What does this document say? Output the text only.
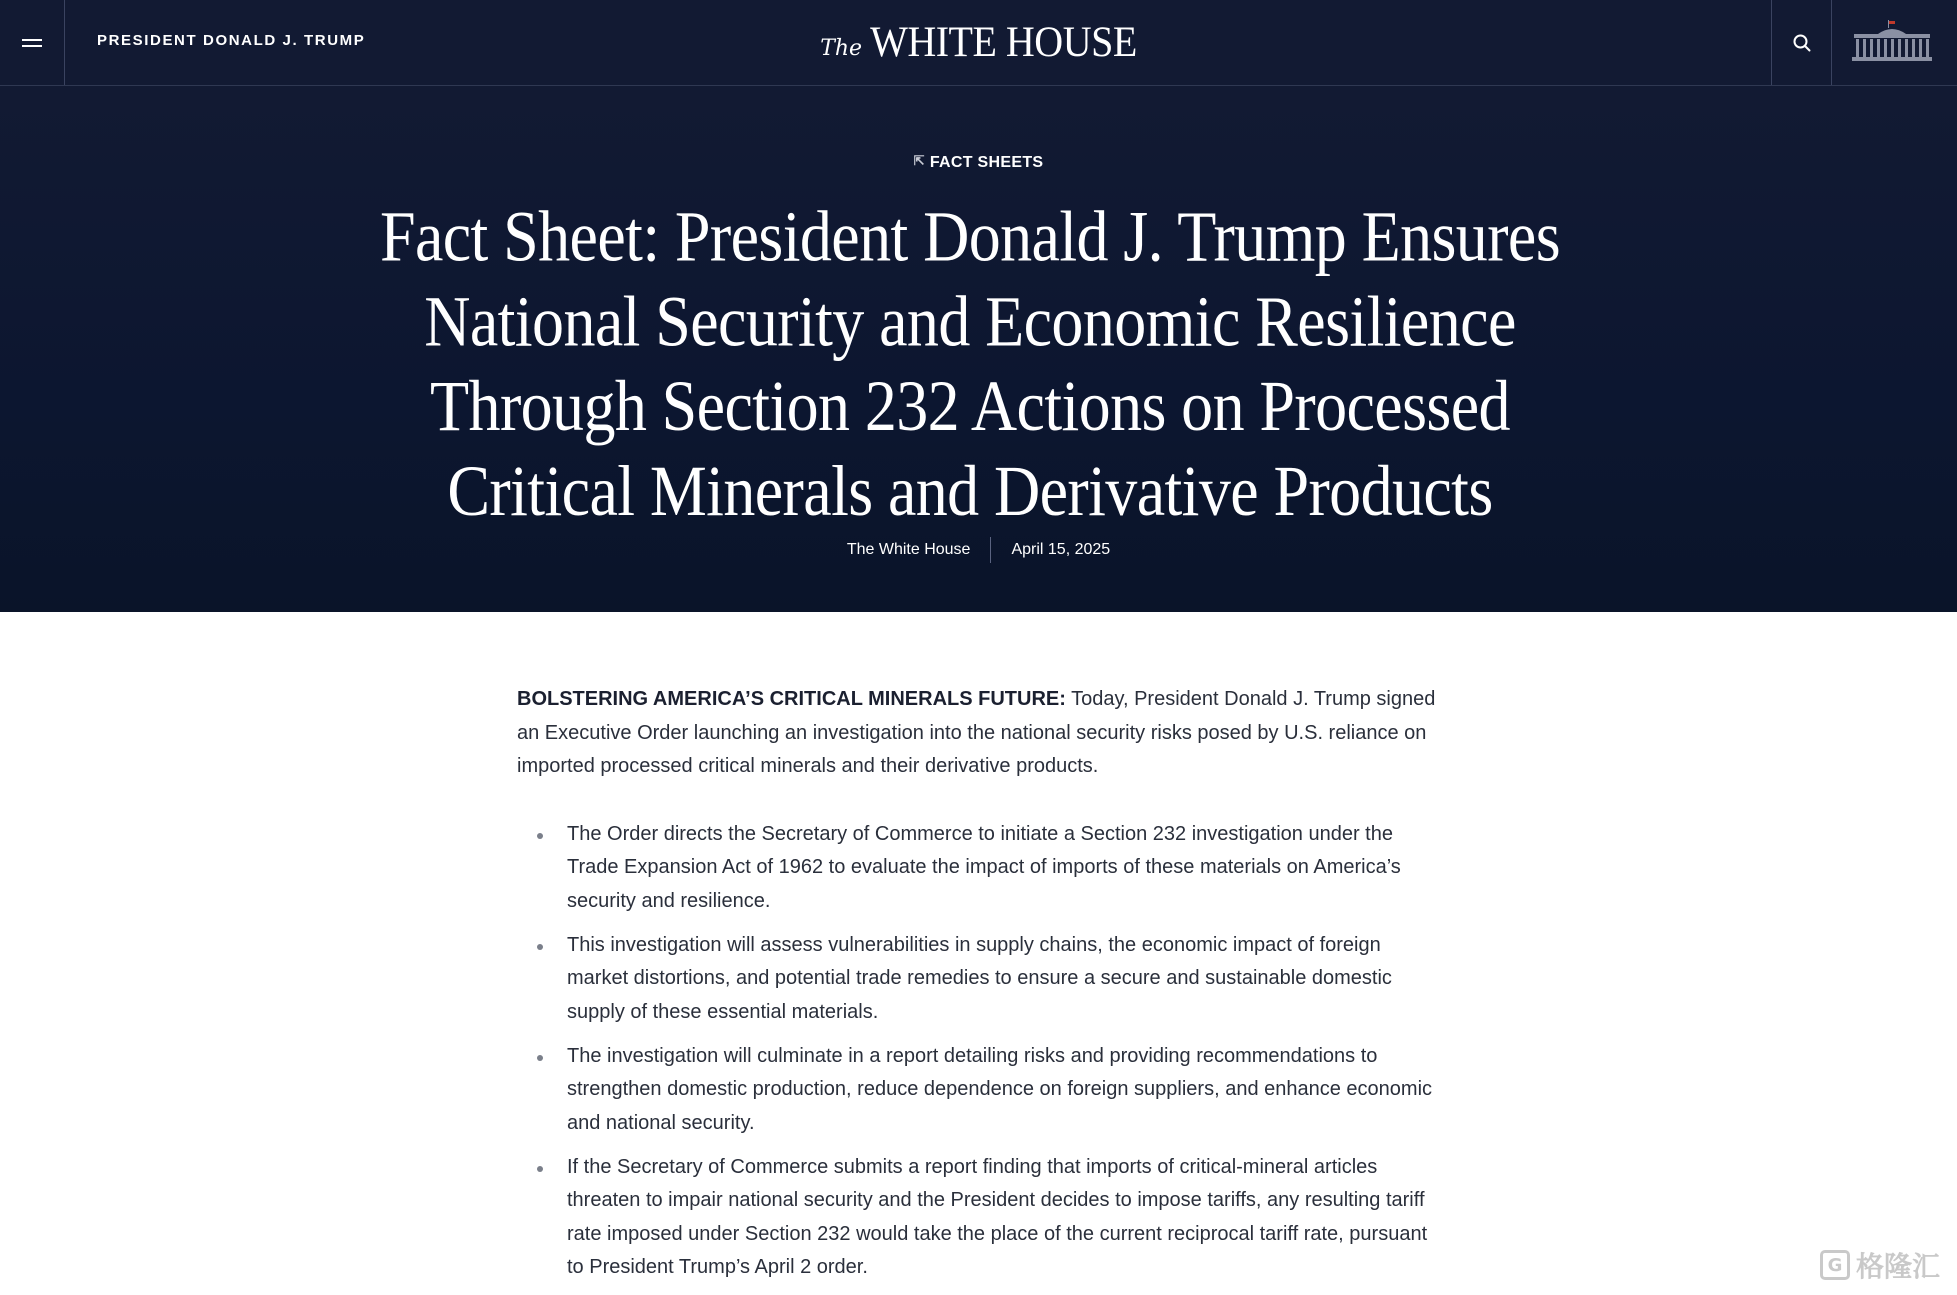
PRESIDENT DONALD J. TRUMP	The WHITE HOUSE
⇱ FACT SHEETS
Fact Sheet: President Donald J. Trump Ensures National Security and Economic Resilience Through Section 232 Actions on Processed Critical Minerals and Derivative Products
The White House	April 15, 2025

BOLSTERING AMERICA’S CRITICAL MINERALS FUTURE: Today, President Donald J. Trump signed an Executive Order launching an investigation into the national security risks posed by U.S. reliance on imported processed critical minerals and their derivative products.

The Order directs the Secretary of Commerce to initiate a Section 232 investigation under the Trade Expansion Act of 1962 to evaluate the impact of imports of these materials on America’s security and resilience.
This investigation will assess vulnerabilities in supply chains, the economic impact of foreign market distortions, and potential trade remedies to ensure a secure and sustainable domestic supply of these essential materials.
The investigation will culminate in a report detailing risks and providing recommendations to strengthen domestic production, reduce dependence on foreign suppliers, and enhance economic and national security.
If the Secretary of Commerce submits a report finding that imports of critical-mineral articles threaten to impair national security and the President decides to impose tariffs, any resulting tariff rate imposed under Section 232 would take the place of the current reciprocal tariff rate, pursuant to President Trump’s April 2 order.	G 格隆汇
